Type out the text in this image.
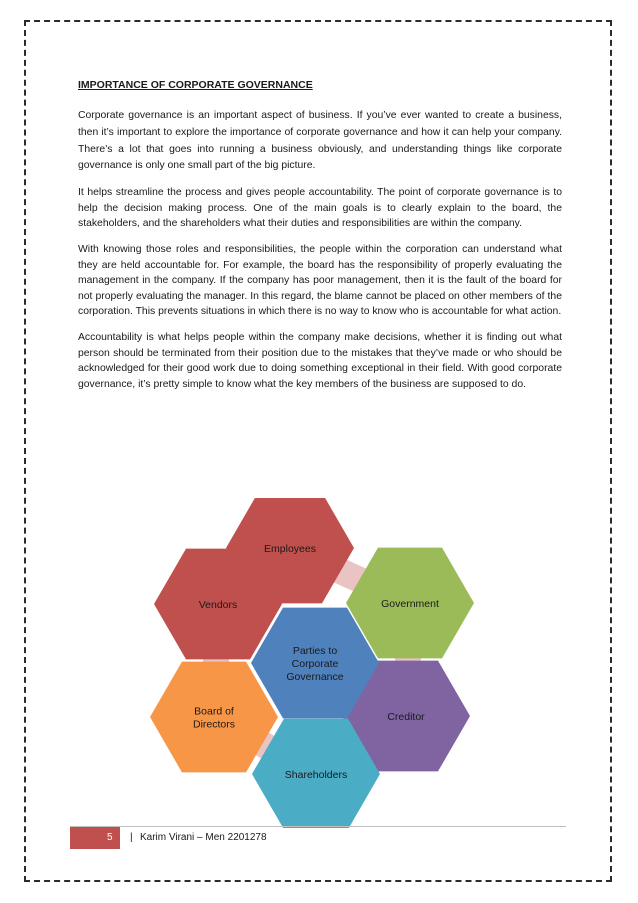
IMPORTANCE OF CORPORATE GOVERNANCE

Corporate governance is an important aspect of business. If you’ve ever wanted to create a business, then it’s important to explore the importance of corporate governance and how it can help your company. There’s a lot that goes into running a business obviously, and understanding things like corporate governance is only one small part of the big picture.

It helps streamline the process and gives people accountability. The point of corporate governance is to help the decision making process. One of the main goals is to clearly explain to the board, the stakeholders, and the shareholders what their duties and responsibilities are within the company.

With knowing those roles and responsibilities, the people within the corporation can understand what they are held accountable for. For example, the board has the responsibility of properly evaluating the management in the company. If the company has poor management, then it is the fault of the board for not properly evaluating the manager. In this regard, the blame cannot be placed on other members of the corporation. This prevents situations in which there is no way to know who is accountable for what action.

Accountability is what helps people within the company make decisions, whether it is finding out what person should be terminated from their position due to the mistakes that they’ve made or who should be acknowledged for their good work due to doing something exceptional in their field. With good corporate governance, it’s pretty simple to know what the key members of the business are supposed to do.

Employees
Government
Creditor
Shareholders
Board of
Directors
Vendors
Parties to
Corporate
Governance
5 | Karim Virani – Men 2201278
